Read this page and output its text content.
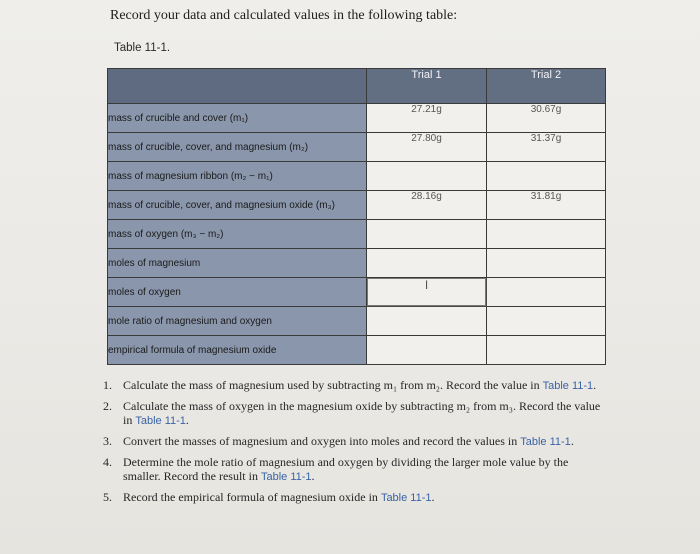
Record your data and calculated values in the following table:
Table 11-1.
	Trial 1	Trial 2
mass of crucible and cover (m₁)	27.21g	30.67g
mass of crucible, cover, and magnesium (m₂)	27.80g	31.37g
mass of magnesium ribbon (m₂ − m₁)		
mass of crucible, cover, and magnesium oxide (m₃)	28.16g	31.81g
mass of oxygen (m₃ − m₂)		
moles of magnesium		
moles of oxygen	I	
mole ratio of magnesium and oxygen		
empirical formula of magnesium oxide		
1. Calculate the mass of magnesium used by subtracting m₁ from m₂. Record the value in Table 11-1.
2. Calculate the mass of oxygen in the magnesium oxide by subtracting m₂ from m₃. Record the value in Table 11-1.
3. Convert the masses of magnesium and oxygen into moles and record the values in Table 11-1.
4. Determine the mole ratio of magnesium and oxygen by dividing the larger mole value by the smaller. Record the result in Table 11-1.
5. Record the empirical formula of magnesium oxide in Table 11-1.
